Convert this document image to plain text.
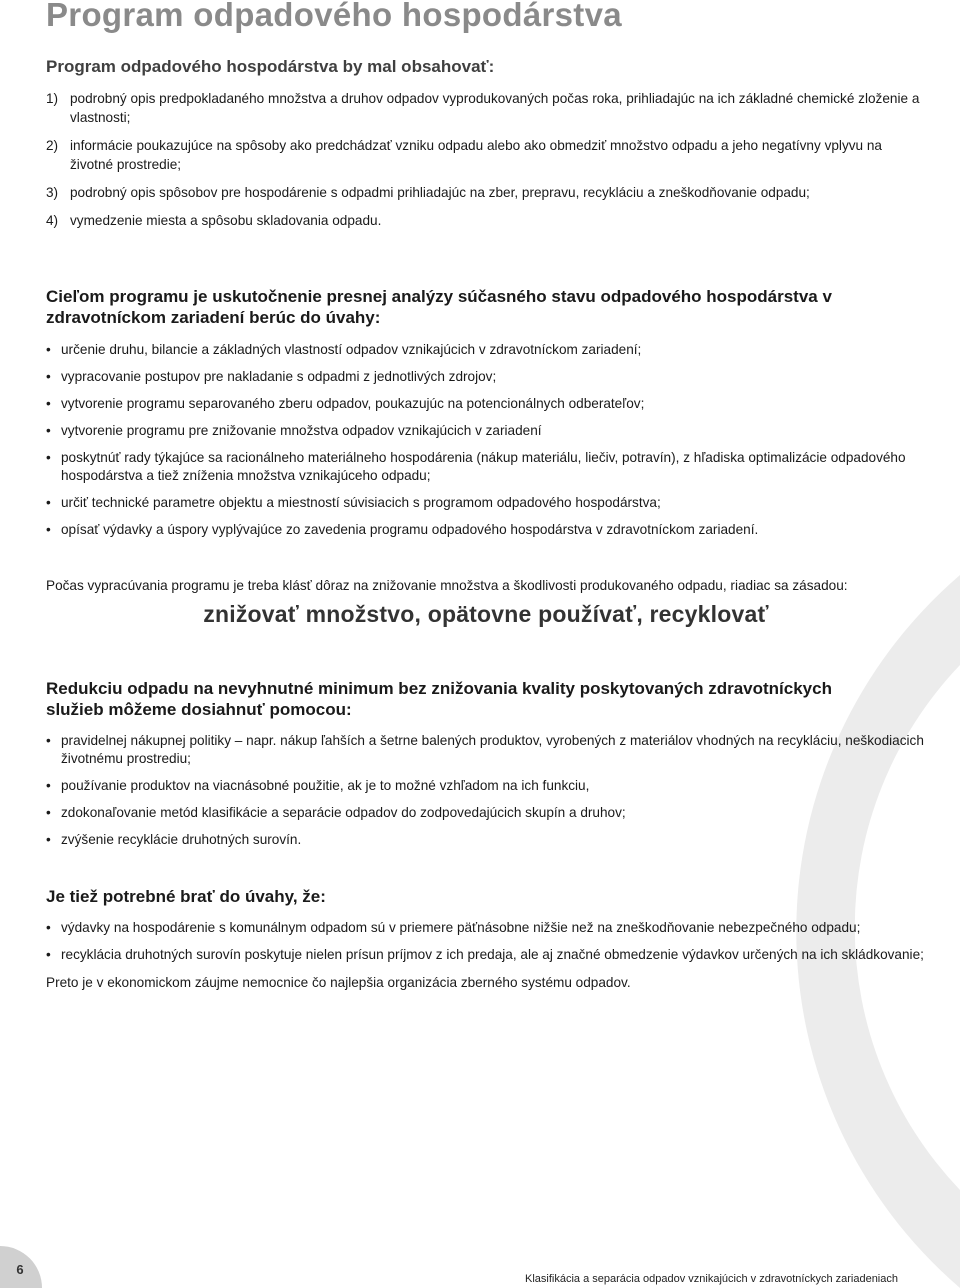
Program odpadového hospodárstva
Program odpadového hospodárstva by mal obsahovať:
1) podrobný opis predpokladaného množstva a druhov odpadov vyprodukovaných počas roka, prihliadajúc na ich základné chemické zloženie a vlastnosti;
2) informácie poukazujúce na spôsoby ako predchádzať vzniku odpadu alebo ako obmedziť množstvo odpadu a jeho negatívny vplyvu na životné prostredie;
3) podrobný opis spôsobov pre hospodárenie s odpadmi prihliadajúc na zber, prepravu, recykláciu a zneškodňovanie odpadu;
4) vymedzenie miesta a spôsobu skladovania odpadu.
Cieľom programu je uskutočnenie presnej analýzy súčasného stavu odpadového hospodárstva v zdravotníckom zariadení berúc do úvahy:
• určenie druhu, bilancie a základných vlastností odpadov vznikajúcich v zdravotníckom zariadení;
• vypracovanie postupov pre nakladanie s odpadmi z jednotlivých zdrojov;
• vytvorenie programu separovaného zberu odpadov, poukazujúc na potencionálnych odberateľov;
• vytvorenie programu pre znižovanie množstva odpadov vznikajúcich v zariadení
• poskytnúť rady týkajúce sa racionálneho materiálneho hospodárenia (nákup materiálu, liečiv, potravín), z hľadiska optimalizácie odpadového hospodárstva a tiež zníženia množstva vznikajúceho odpadu;
• určiť technické parametre objektu a miestností súvisiacich s programom odpadového hospodárstva;
• opísať výdavky a úspory vyplývajúce zo zavedenia programu odpadového hospodárstva v zdravotníckom zariadení.

Počas vypracúvania programu je treba klásť dôraz na znižovanie množstva a škodlivosti produkovaného odpadu, riadiac sa zásadou:

znižovať množstvo, opätovne používať, recyklovať
Redukciu odpadu na nevyhnutné minimum bez znižovania kvality poskytovaných zdravotníckych služieb môžeme dosiahnuť pomocou:
• pravidelnej nákupnej politiky – napr. nákup ľahších a šetrne balených produktov, vyrobených z materiálov vhodných na recykláciu, neškodiacich životnému prostrediu;
• používanie produktov na viacnásobné použitie, ak je to možné vzhľadom na ich funkciu,
• zdokonaľovanie metód klasifikácie a separácie odpadov do zodpovedajúcich skupín a druhov;
• zvýšenie recyklácie druhotných surovín.
Je tiež potrebné brať do úvahy, že:
• výdavky na hospodárenie s komunálnym odpadom sú v priemere päťnásobne nižšie než na zneškodňovanie nebezpečného odpadu;
• recyklácia druhotných surovín poskytuje nielen prísun príjmov z ich predaja, ale aj značné obmedzenie výdavkov určených na ich skládkovanie;

Preto je v ekonomickom záujme nemocnice čo najlepšia organizácia zberného systému odpadov.

6
Klasifikácia a separácia odpadov vznikajúcich v zdravotníckych zariadeniach
